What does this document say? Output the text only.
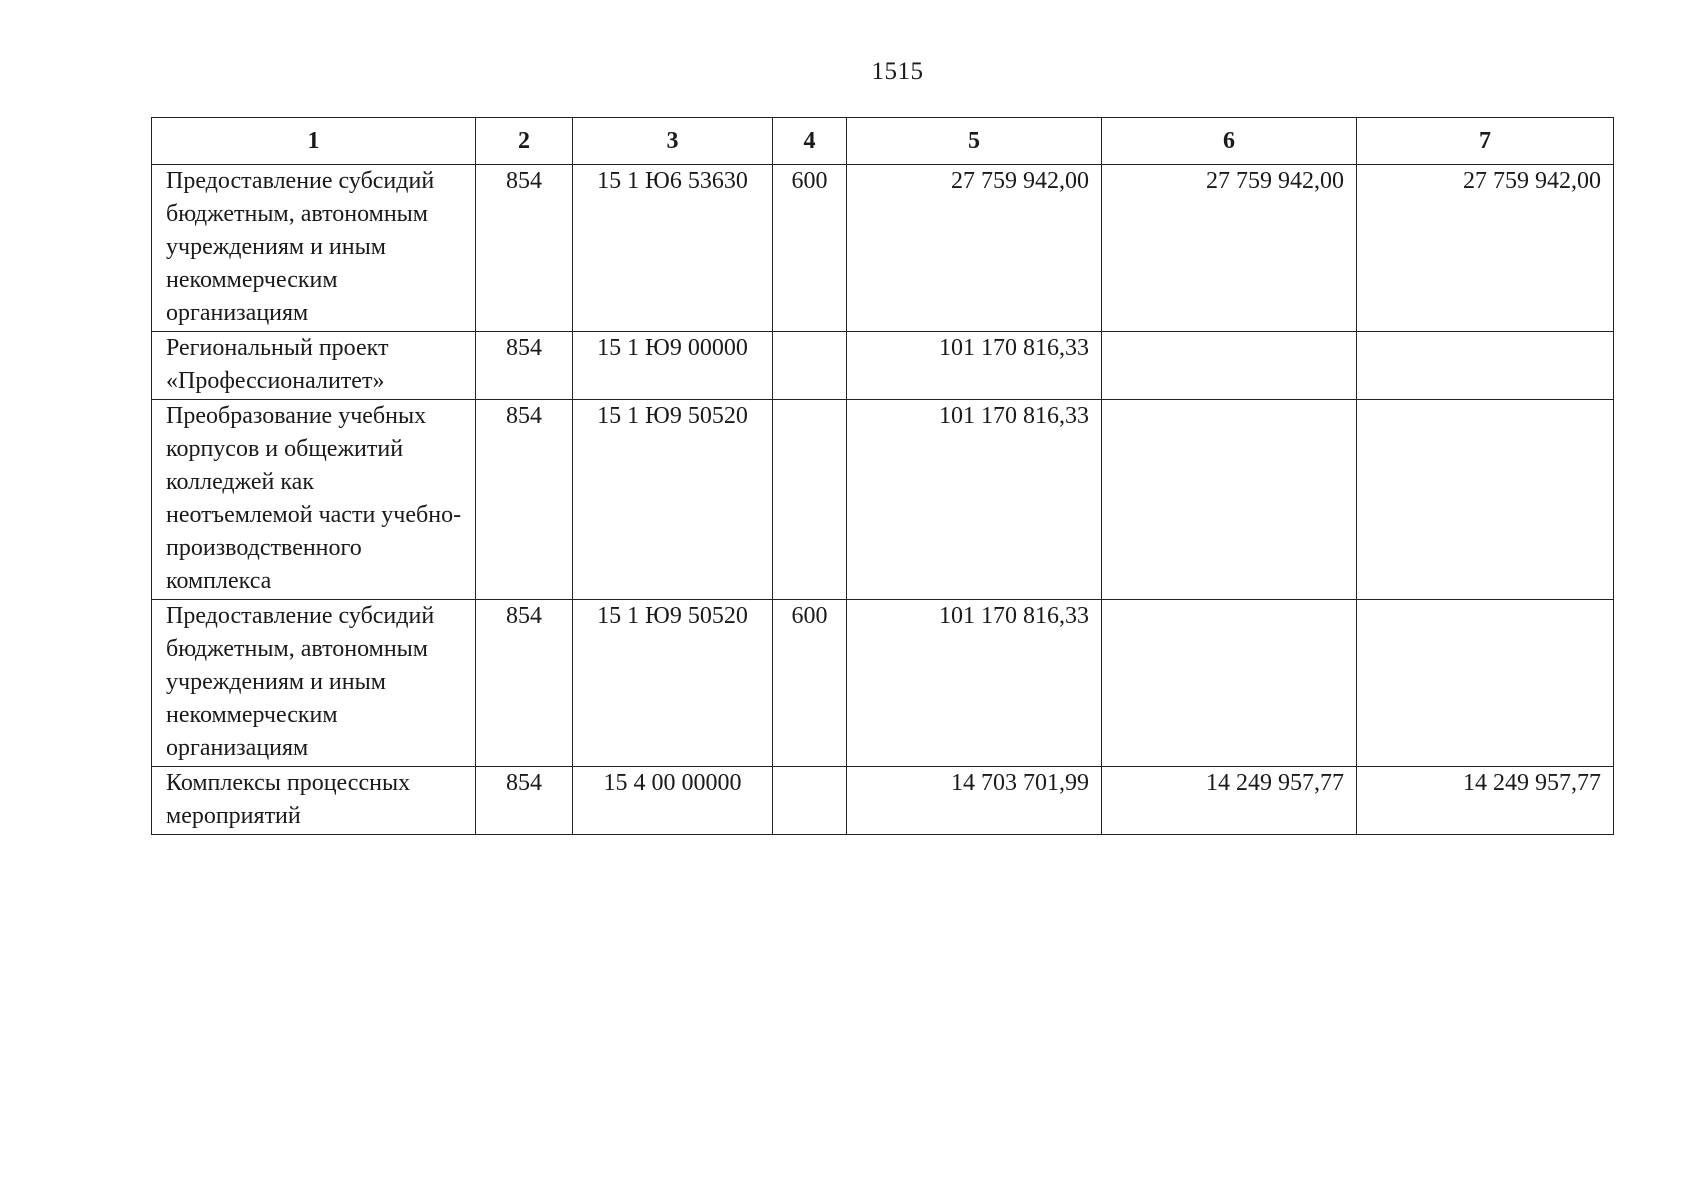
1515
1	2	3	4	5	6	7
Предоставление субсидий бюджетным, автономным учреждениям и иным некоммерческим организациям	854	15 1 Ю6 53630	600	27 759 942,00	27 759 942,00	27 759 942,00
Региональный проект «Профессионалитет»	854	15 1 Ю9 00000		101 170 816,33		
Преобразование учебных корпусов и общежитий колледжей как неотъемлемой части учебно-производственного комплекса	854	15 1 Ю9 50520		101 170 816,33		
Предоставление субсидий бюджетным, автономным учреждениям и иным некоммерческим организациям	854	15 1 Ю9 50520	600	101 170 816,33		
Комплексы процессных мероприятий	854	15 4 00 00000		14 703 701,99	14 249 957,77	14 249 957,77
